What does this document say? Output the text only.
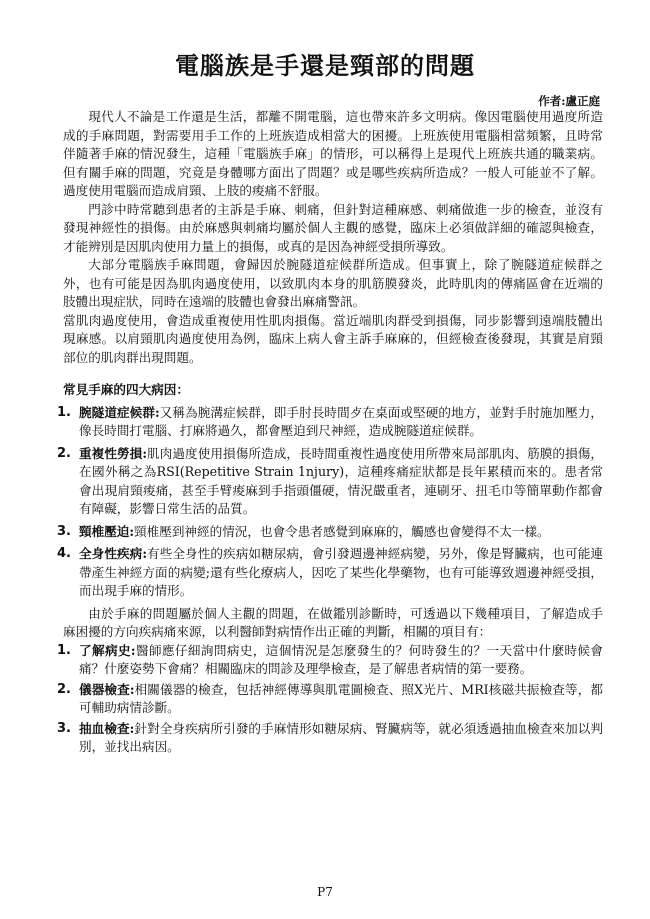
電腦族是手還是頸部的問題
作者:盧正庭

現代人不論是工作還是生活，都離不開電腦，這也帶來許多文明病。像因電腦使用過度所造成的手麻問題，對需要用手工作的上班族造成相當大的困擾。上班族使用電腦相當頻繁，且時常伴隨著手麻的情況發生，這種「電腦族手麻」的情形，可以稱得上是現代上班族共通的職業病。但有關手麻的問題，究竟是身體哪方面出了問題？或是哪些疾病所造成？一般人可能並不了解。過度使用電腦而造成肩頸、上肢的痠痛不舒服。

門診中時常聽到患者的主訴是手麻、刺痛，但針對這種麻感、刺痛做進一步的檢查，並沒有發現神經性的損傷。由於麻感與刺痛均屬於個人主觀的感覺，臨床上必須做詳細的確認與檢查，才能辨別是因肌肉使用力量上的損傷，或真的是因為神經受損所導致。

大部分電腦族手麻問題，會歸因於腕隧道症候群所造成。但事實上，除了腕隧道症候群之外，也有可能是因為肌肉過度使用，以致肌肉本身的肌筋膜發炎，此時肌肉的傳痛區會在近端的肢體出現症狀，同時在遠端的肢體也會發出麻痛警訊。

當肌肉過度使用，會造成重複使用性肌肉損傷。當近端肌肉群受到損傷，同步影響到遠端肢體出現麻感。以肩頸肌肉過度使用為例，臨床上病人會主訴手麻麻的，但經檢查後發現，其實是肩頸部位的肌肉群出現問題。

常見手麻的四大病因：
1. 腕隧道症候群:又稱為腕溝症候群，即手肘長時間歺在桌面或堅硬的地方，並對手肘施加壓力，像長時間打電腦、打麻將過久，都會壓迫到尺神經，造成腕隧道症候群。
2. 重複性勞損:肌肉過度使用損傷所造成，長時間重複性過度使用所帶來局部肌肉、筋膜的損傷，在國外稱之為RSI(Repetitive Strain 1njury)，這種疼痛症狀都是長年累積而來的。患者常會出現肩頸痠痛，甚至手臂痠麻到手指頭僵硬，情況嚴重者，連刷牙、扭毛巾等簡單動作都會有障礙，影響日常生活的品質。
3. 頸椎壓迫:頸椎壓到神經的情況，也會令患者感覺到麻麻的，觸感也會變得不太一樣。
4. 全身性疾病:有些全身性的疾病如糖尿病，會引發週邊神經病變，另外，像是腎臟病，也可能連帶產生神經方面的病變;還有些化療病人，因吃了某些化學藥物，也有可能導致週邊神經受損，而出現手麻的情形。

由於手麻的問題屬於個人主觀的問題，在做鑑別診斷時，可透過以下幾種項目，了解造成手麻困擾的方向疾病痛來源，以利醫師對病情作出正確的判斷，相關的項目有：

1. 了解病史:醫師應仔細詢問病史，這個情況是怎麼發生的？何時發生的？一天當中什麼時候會痛？什麼姿勢下會痛？相關臨床的問診及理學檢查，是了解患者病情的第一要務。
2. 儀器檢查:相關儀器的檢查，包括神經傳導與肌電圖檢查、照X光片、MRI核磁共振檢查等，都可輔助病情診斷。
3. 抽血檢查:針對全身疾病所引發的手麻情形如糖尿病、腎臟病等，就必須透過抽血檢查來加以判別，並找出病因。
P7
